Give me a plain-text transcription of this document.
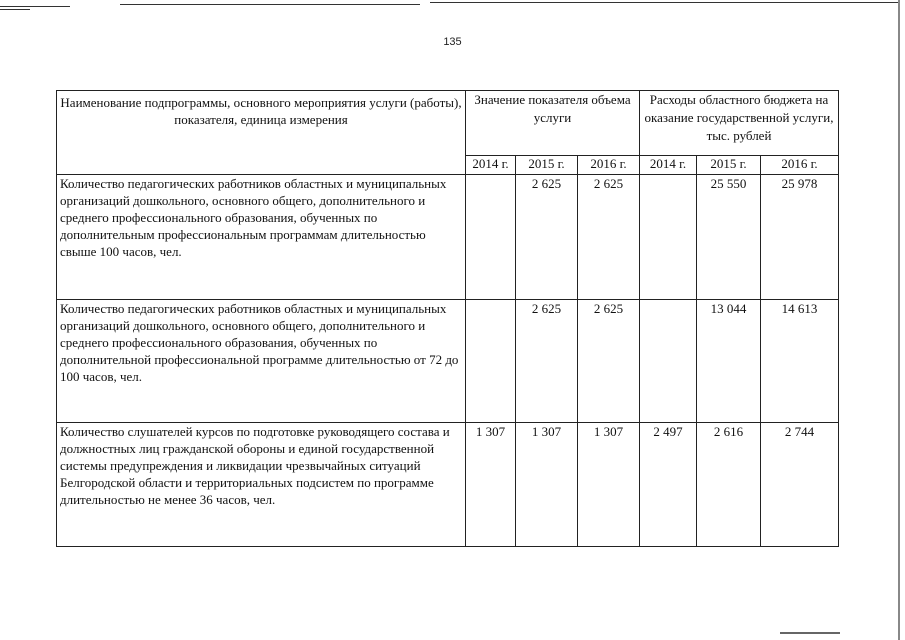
135
Наименование подпрограммы, основного мероприятия услуги (работы), показателя, единица измерения	Значение показателя объема услуги			Расходы областного бюджета на оказание государственной услуги, тыс. рублей		
	2014 г.	2015 г.	2016 г.	2014 г.	2015 г.	2016 г.
Количество педагогических работников областных и муниципальных организаций дошкольного, основного общего, дополнительного и среднего профессионального образования, обученных по дополнительным профессиональным программам длительностью свыше 100 часов, чел.		2 625	2 625		25 550	25 978
Количество педагогических работников областных и муниципальных организаций дошкольного, основного общего, дополнительного и среднего профессионального образования, обученных по дополнительной профессиональной программе длительностью от 72 до 100 часов, чел.		2 625	2 625		13 044	14 613
Количество слушателей курсов по подготовке руководящего состава и должностных лиц гражданской обороны и единой государственной системы предупреждения и ликвидации чрезвычайных ситуаций Белгородской области и территориальных подсистем по программе длительностью не менее 36 часов, чел.	1 307	1 307	1 307	2 497	2 616	2 744
